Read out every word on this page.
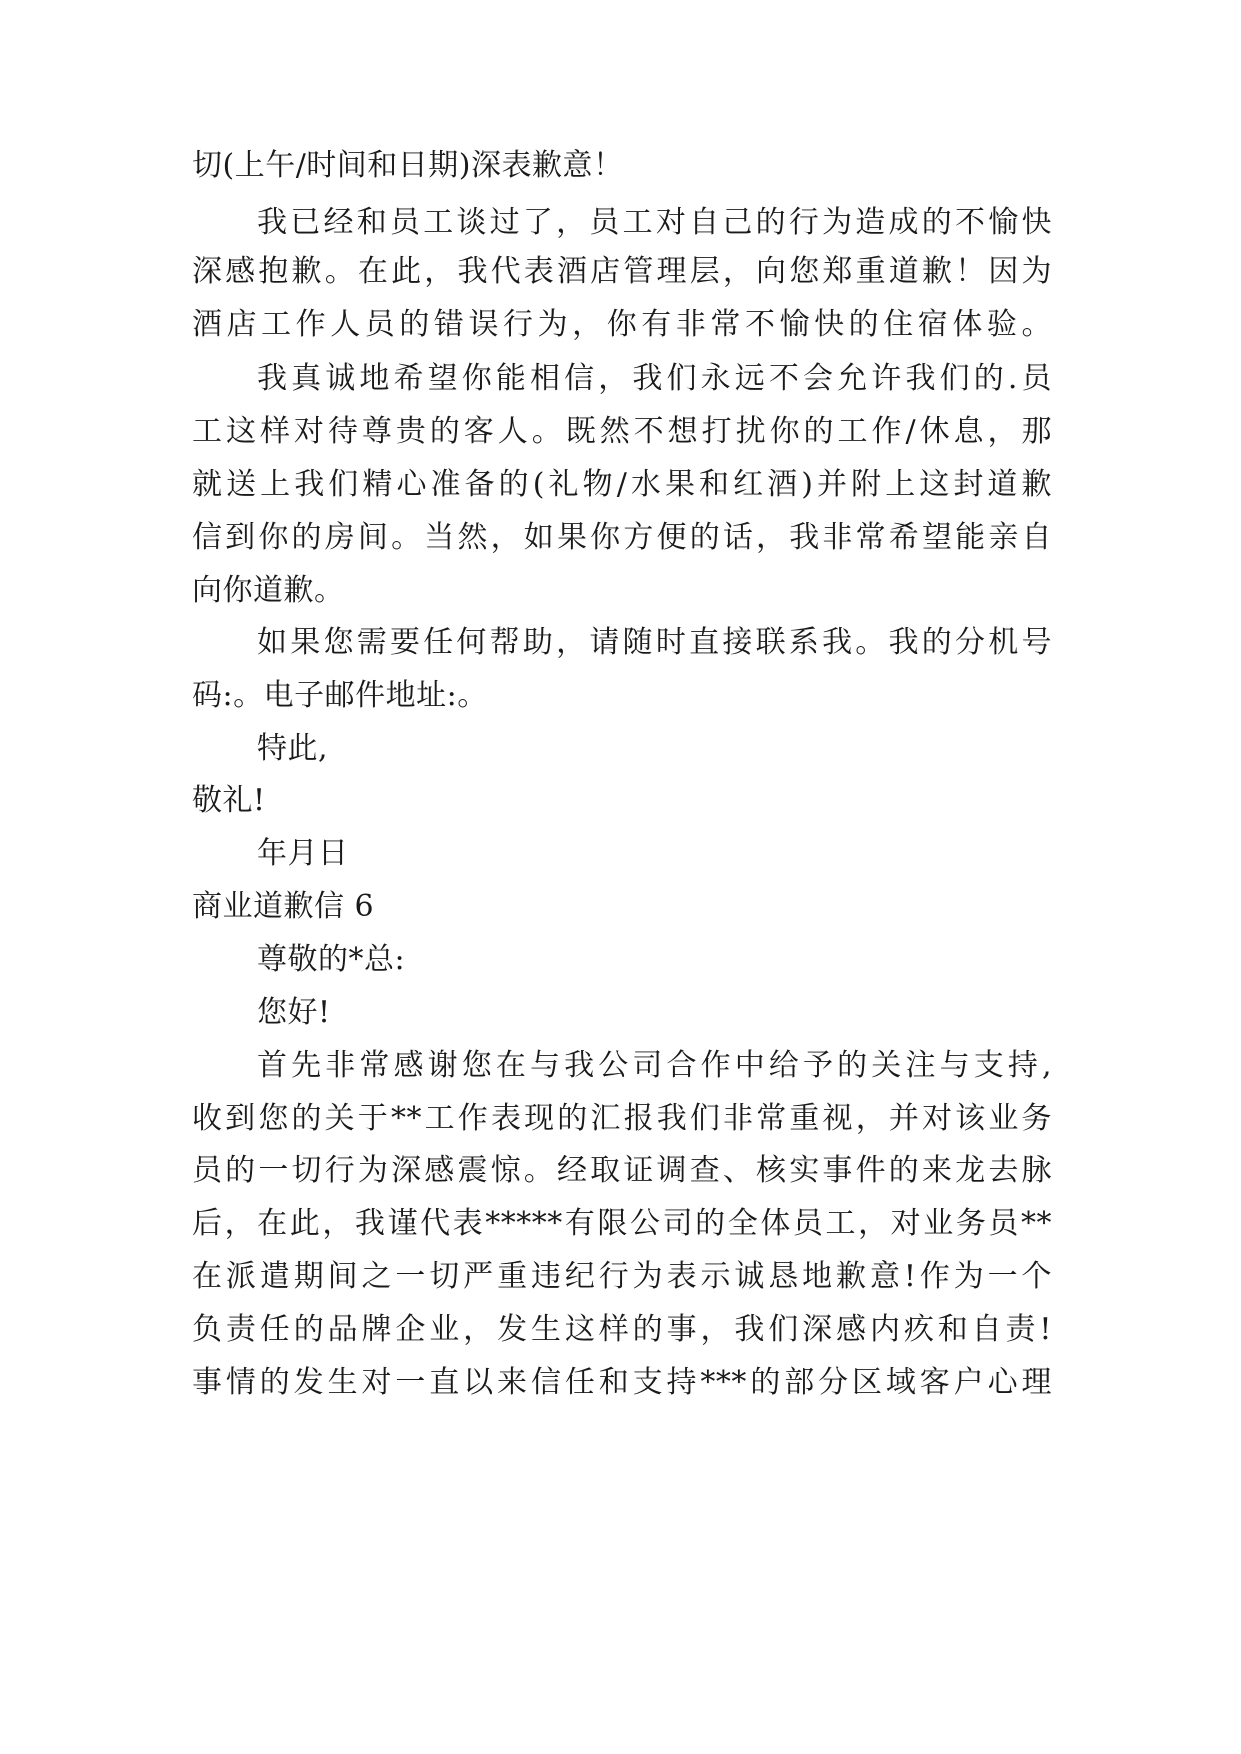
切(上午/时间和日期)深表歉意！
我已经和员工谈过了，员工对自己的行为造成的不愉快
深感抱歉。在此，我代表酒店管理层，向您郑重道歉！因为
酒店工作人员的错误行为，你有非常不愉快的住宿体验。
我真诚地希望你能相信，我们永远不会允许我们的.员
工这样对待尊贵的客人。既然不想打扰你的工作/休息，那
就送上我们精心准备的(礼物/水果和红酒)并附上这封道歉
信到你的房间。当然，如果你方便的话，我非常希望能亲自
向你道歉。
如果您需要任何帮助，请随时直接联系我。我的分机号
码:。电子邮件地址:。
特此,
敬礼!
年月日
商业道歉信 6
尊敬的*总:
您好!
首先非常感谢您在与我公司合作中给予的关注与支持,
收到您的关于**工作表现的汇报我们非常重视，并对该业务
员的一切行为深感震惊。经取证调查、核实事件的来龙去脉
后，在此，我谨代表*****有限公司的全体员工，对业务员**
在派遣期间之一切严重违纪行为表示诚恳地歉意!作为一个
负责任的品牌企业，发生这样的事，我们深感内疚和自责!
事情的发生对一直以来信任和支持***的部分区域客户心理
